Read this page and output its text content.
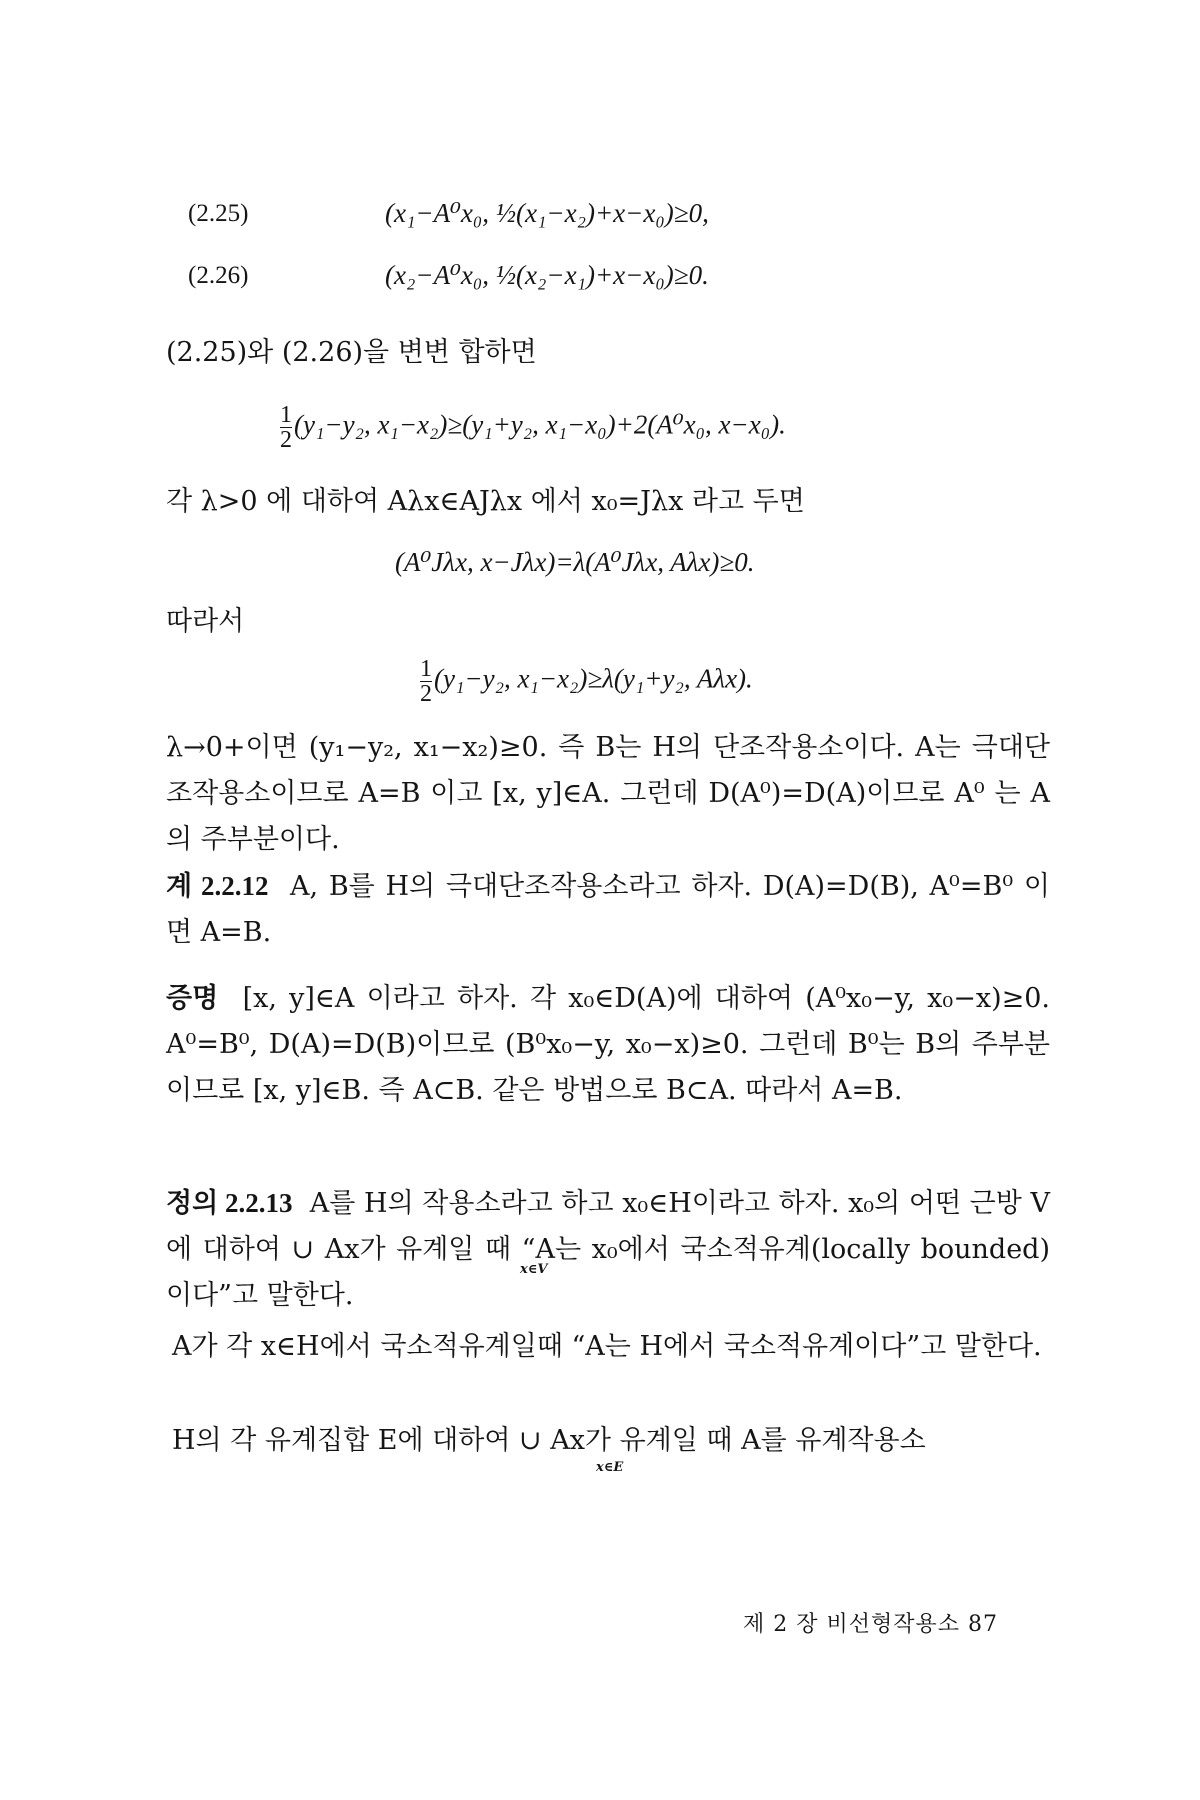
(2.25)	(x₁−A⁰x₀, ½(x₁−x₂)+x−x₀)≥0,
(2.26)	(x₂−A⁰x₀, ½(x₂−x₁)+x−x₀)≥0.
(2.25)와 (2.26)을 변변 합하면
$\frac{1}{2} (y_1-y_2$, x₁−x₂)≥(y₁+y₂, x₁−x₀)+2(A⁰x₀, x−x₀).
각 λ>0 에 대하여 Aλx∈AJλx 에서 x₀=Jλx 라고 두면
(A⁰Jλx, x−Jλx)=λ(A⁰Jλx, Aλx)≥0.
따라서
$\frac{1}{2} (y_1-y_2$, x₁−x₂)≥λ(y₁+y₂, Aλx).
λ→0+이면 (y₁−y₂, x₁−x₂)≥0. 즉 B는 H의 단조작용소이다. A는 극대단조작용소이므로 A=B 이고 [x, y]∈A. 그런데 D(A⁰)=D(A)이므로 A⁰ 는 A의 주부분이다.
계 2.2.12 A, B를 H의 극대단조작용소라고 하자. D(A)=D(B), A⁰=B⁰ 이면 A=B.
증명 [x, y]∈A 이라고 하자. 각 x₀∈D(A)에 대하여 (A⁰x₀−y, x₀−x)≥0. A⁰=B⁰, D(A)=D(B)이므로 (B⁰x₀−y, x₀−x)≥0. 그런데 B⁰는 B의 주부분이므로 [x, y]∈B. 즉 A⊂B. 같은 방법으로 B⊂A. 따라서 A=B.
정의 2.2.13 A를 H의 작용소라고 하고 x₀∈H이라고 하자. x₀의 어떤 근방 V에 대하여 ∪ Ax가 유계일 때 “A는 x₀에서 국소적유계(locally bounded)이다”고 말한다.
x∈V
A가 각 x∈H에서 국소적유계일때 “A는 H에서 국소적유계이다”고 말한다.
H의 각 유계집합 E에 대하여 ∪ Ax가 유계일 때 A를 유계작용소
x∈E
제 2 장 비선형작용소 87
